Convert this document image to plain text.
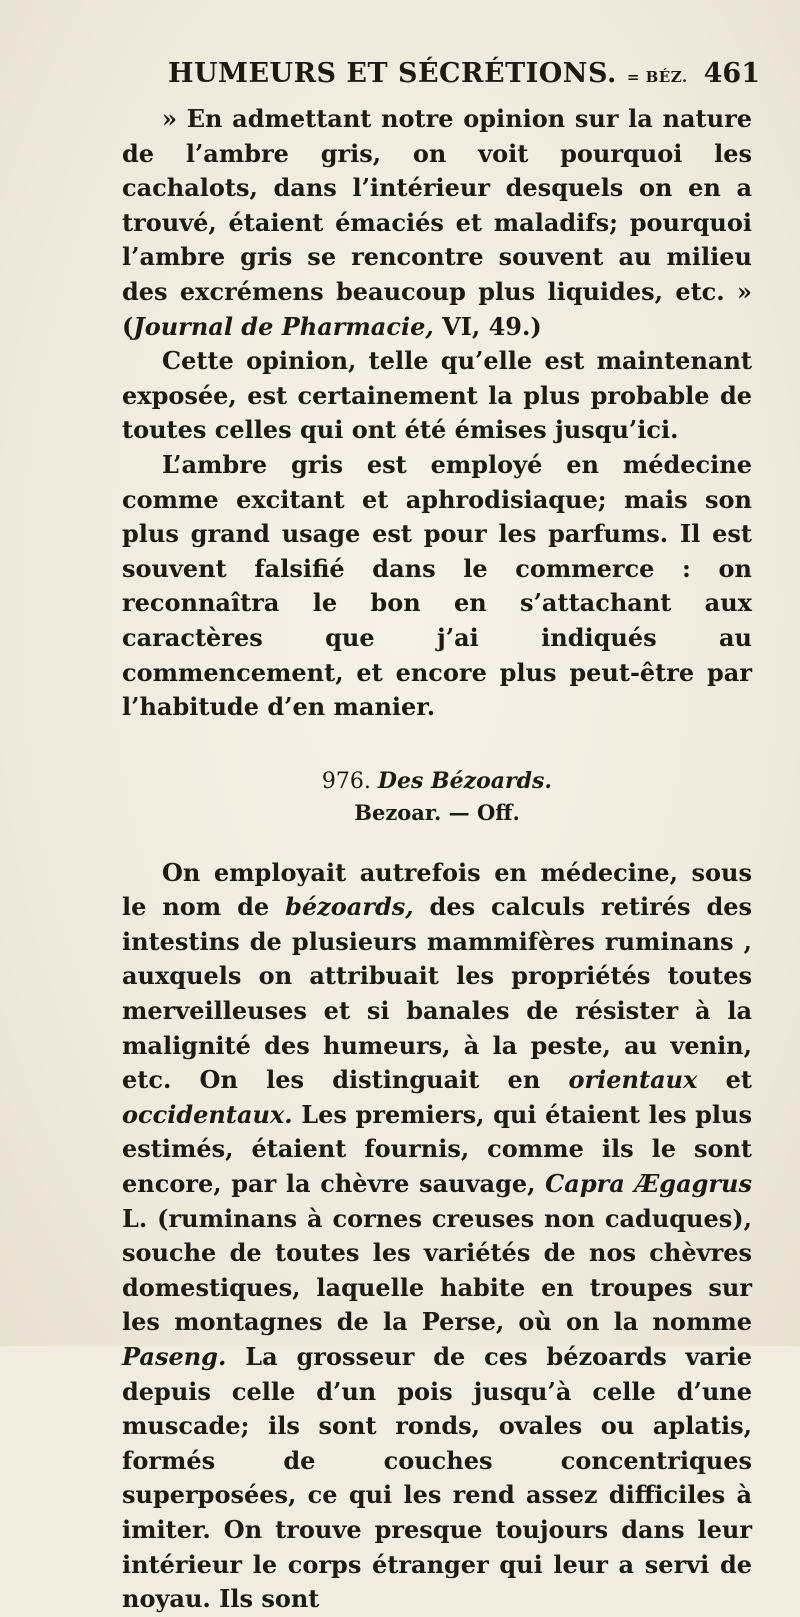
HUMEURS ET SÉCRÉTIONS. = BÉZ. 461

» En admettant notre opinion sur la nature de l’ambre gris, on voit pourquoi les cachalots, dans l’intérieur desquels on en a trouvé, étaient émaciés et maladifs; pourquoi l’ambre gris se rencontre souvent au milieu des excrémens beaucoup plus liquides, etc. » (Journal de Pharmacie, VI, 49.)

Cette opinion, telle qu’elle est maintenant exposée, est certainement la plus probable de toutes celles qui ont été émises jusqu’ici.

L’ambre gris est employé en médecine comme excitant et aphrodisiaque; mais son plus grand usage est pour les parfums. Il est souvent falsifié dans le commerce : on reconnaîtra le bon en s’attachant aux caractères que j’ai indiqués au commencement, et encore plus peut-être par l’habitude d’en manier.

976. Des Bézoards.

Bezoar. — Off.

On employait autrefois en médecine, sous le nom de bézoards, des calculs retirés des intestins de plusieurs mammifères ruminans , auxquels on attribuait les propriétés toutes merveilleuses et si banales de résister à la malignité des humeurs, à la peste, au venin, etc. On les distinguait en orientaux et occidentaux. Les premiers, qui étaient les plus estimés, étaient fournis, comme ils le sont encore, par la chèvre sauvage, Capra Ægagrus L. (ruminans à cornes creuses non caduques), souche de toutes les variétés de nos chèvres domestiques, laquelle habite en troupes sur les montagnes de la Perse, où on la nomme Paseng. La grosseur de ces bézoards varie depuis celle d’un pois jusqu’à celle d’une muscade; ils sont ronds, ovales ou aplatis, formés de couches concentriques superposées, ce qui les rend assez difficiles à imiter. On trouve presque toujours dans leur intérieur le corps étranger qui leur a servi de noyau. Ils sont
